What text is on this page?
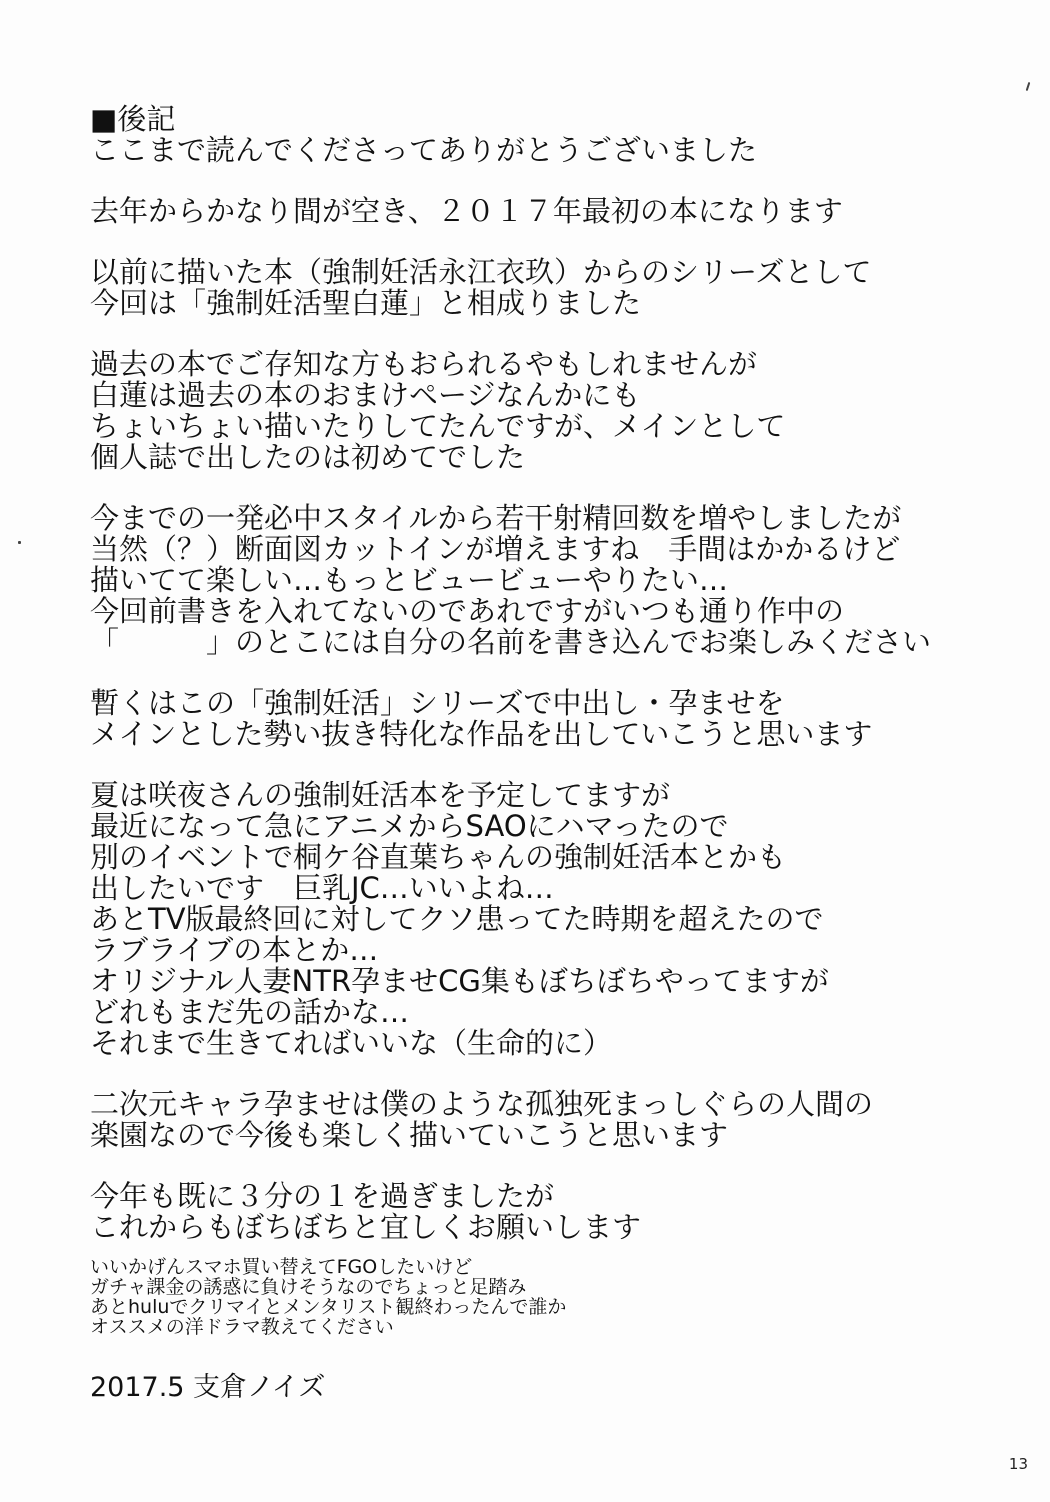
■後記
ここまで読んでくださってありがとうございました
去年からかなり間が空き、２０１７年最初の本になります
以前に描いた本（強制妊活永江衣玖）からのシリーズとして
今回は「強制妊活聖白蓮」と相成りました
過去の本でご存知な方もおられるやもしれませんが
白蓮は過去の本のおまけページなんかにも
ちょいちょい描いたりしてたんですが、メインとして
個人誌で出したのは初めてでした
今までの一発必中スタイルから若干射精回数を増やしましたが
当然（？）断面図カットインが増えますね　手間はかかるけど
描いてて楽しい…もっとビュービューやりたい…
今回前書きを入れてないのであれですがいつも通り作中の
「　　　」のとこには自分の名前を書き込んでお楽しみください
暫くはこの「強制妊活」シリーズで中出し・孕ませを
メインとした勢い抜き特化な作品を出していこうと思います
夏は咲夜さんの強制妊活本を予定してますが
最近になって急にアニメからSAOにハマったので
別のイベントで桐ケ谷直葉ちゃんの強制妊活本とかも
出したいです　巨乳JC…いいよね…
あとTV版最終回に対してクソ患ってた時期を超えたので
ラブライブの本とか…
オリジナル人妻NTR孕ませCG集もぼちぼちやってますが
どれもまだ先の話かな…
それまで生きてればいいな（生命的に）
二次元キャラ孕ませは僕のような孤独死まっしぐらの人間の
楽園なので今後も楽しく描いていこうと思います
今年も既に３分の１を過ぎましたが
これからもぼちぼちと宜しくお願いします
いいかげんスマホ買い替えてFGOしたいけど
ガチャ課金の誘惑に負けそうなのでちょっと足踏み
あとhuluでクリマイとメンタリスト観終わったんで誰か
オススメの洋ドラマ教えてください
2017.5 支倉ノイズ
13
